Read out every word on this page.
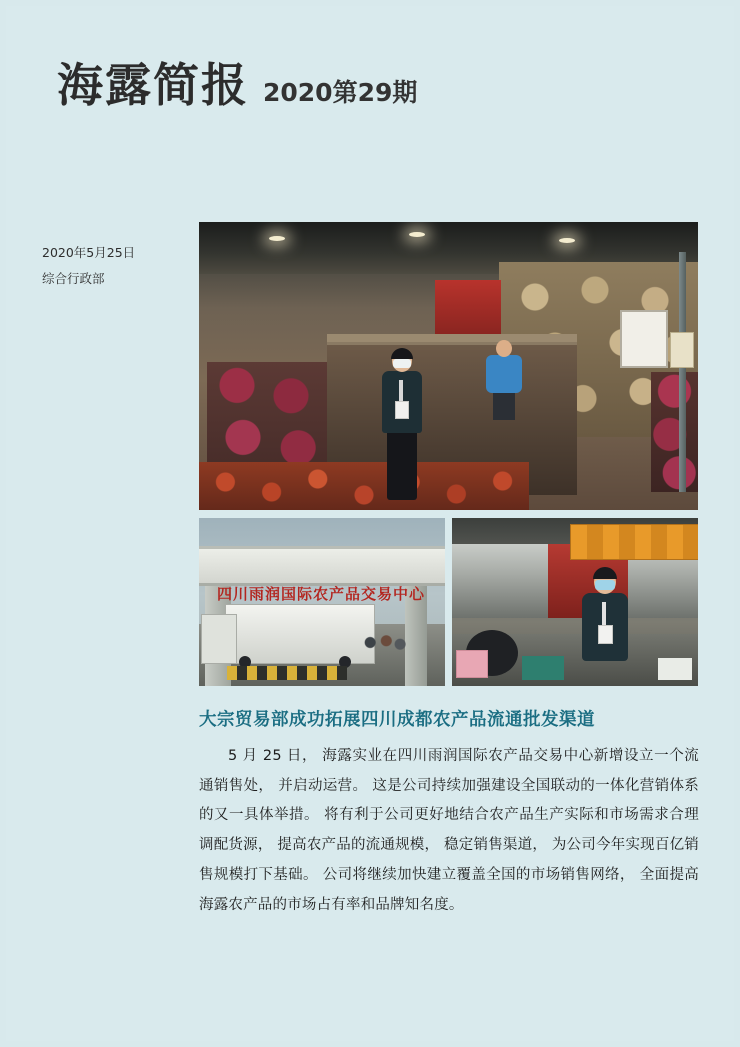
海露简报 2020第29期
2020年5月25日
综合行政部
四川雨润国际农产品交易中心
大宗贸易部成功拓展四川成都农产品流通批发渠道
5 月 25 日， 海露实业在四川雨润国际农产品交易中心新增设立一个流通销售处， 并启动运营。 这是公司持续加强建设全国联动的一体化营销体系的又一具体举措。 将有利于公司更好地结合农产品生产实际和市场需求合理调配货源， 提高农产品的流通规模， 稳定销售渠道， 为公司今年实现百亿销售规模打下基础。 公司将继续加快建立覆盖全国的市场销售网络， 全面提高海露农产品的市场占有率和品牌知名度。
